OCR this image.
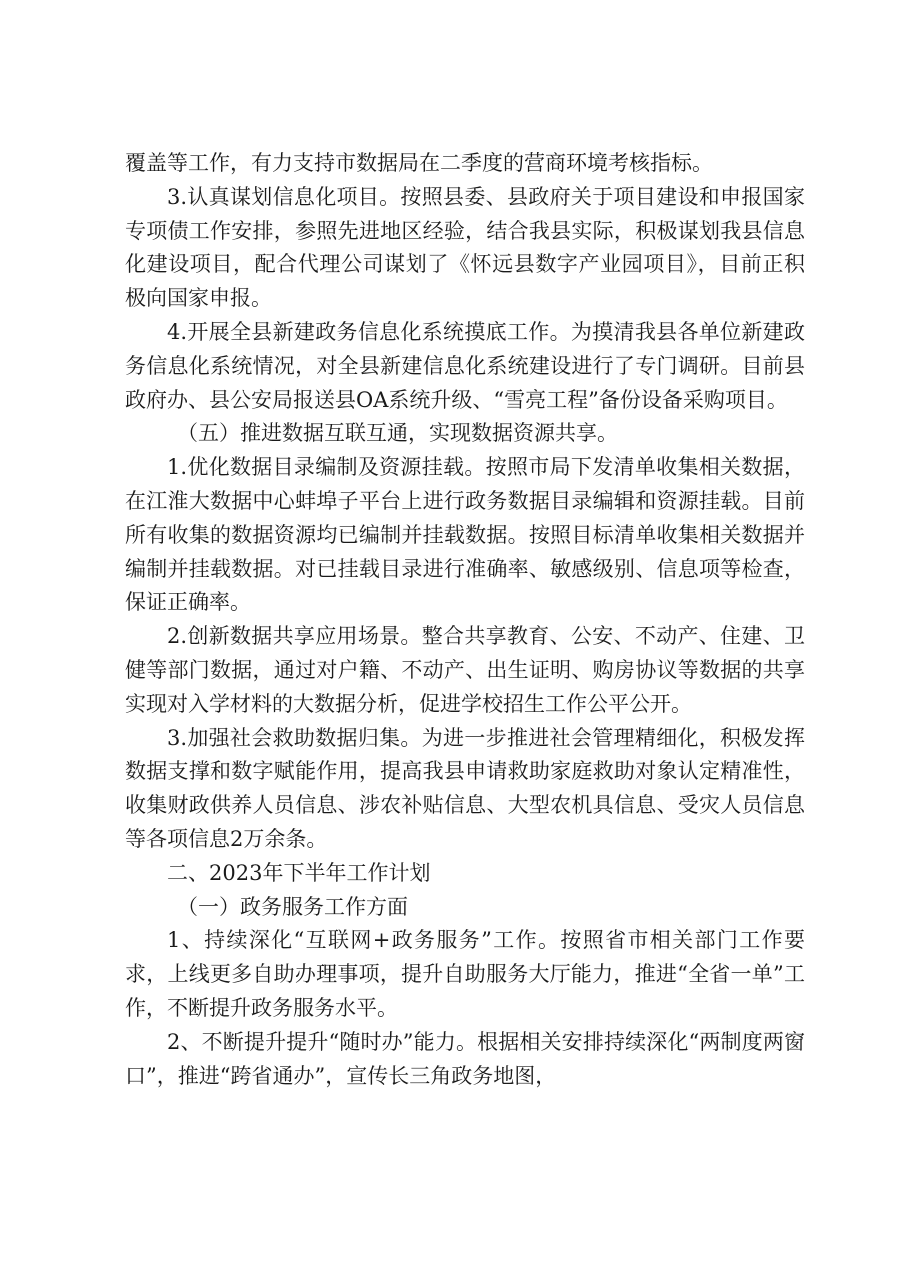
覆盖等工作，有力支持市数据局在二季度的营商环境考核指标。

3.认真谋划信息化项目。按照县委、县政府关于项目建设和申报国家专项债工作安排，参照先进地区经验，结合我县实际，积极谋划我县信息化建设项目，配合代理公司谋划了《怀远县数字产业园项目》，目前正积极向国家申报。

4.开展全县新建政务信息化系统摸底工作。为摸清我县各单位新建政务信息化系统情况，对全县新建信息化系统建设进行了专门调研。目前县政府办、县公安局报送县OA系统升级、“雪亮工程”备份设备采购项目。

（五）推进数据互联互通，实现数据资源共享。

1.优化数据目录编制及资源挂载。按照市局下发清单收集相关数据，在江淮大数据中心蚌埠子平台上进行政务数据目录编辑和资源挂载。目前所有收集的数据资源均已编制并挂载数据。按照目标清单收集相关数据并编制并挂载数据。对已挂载目录进行准确率、敏感级别、信息项等检查，保证正确率。

2.创新数据共享应用场景。整合共享教育、公安、不动产、住建、卫健等部门数据，通过对户籍、不动产、出生证明、购房协议等数据的共享实现对入学材料的大数据分析，促进学校招生工作公平公开。

3.加强社会救助数据归集。为进一步推进社会管理精细化，积极发挥数据支撑和数字赋能作用，提高我县申请救助家庭救助对象认定精准性，收集财政供养人员信息、涉农补贴信息、大型农机具信息、受灾人员信息等各项信息2万余条。

二、2023年下半年工作计划

（一）政务服务工作方面

1、持续深化“互联网+政务服务”工作。按照省市相关部门工作要求，上线更多自助办理事项，提升自助服务大厅能力，推进“全省一单”工作，不断提升政务服务水平。

2、不断提升提升“随时办”能力。根据相关安排持续深化“两制度两窗口”，推进“跨省通办”，宣传长三角政务地图，
